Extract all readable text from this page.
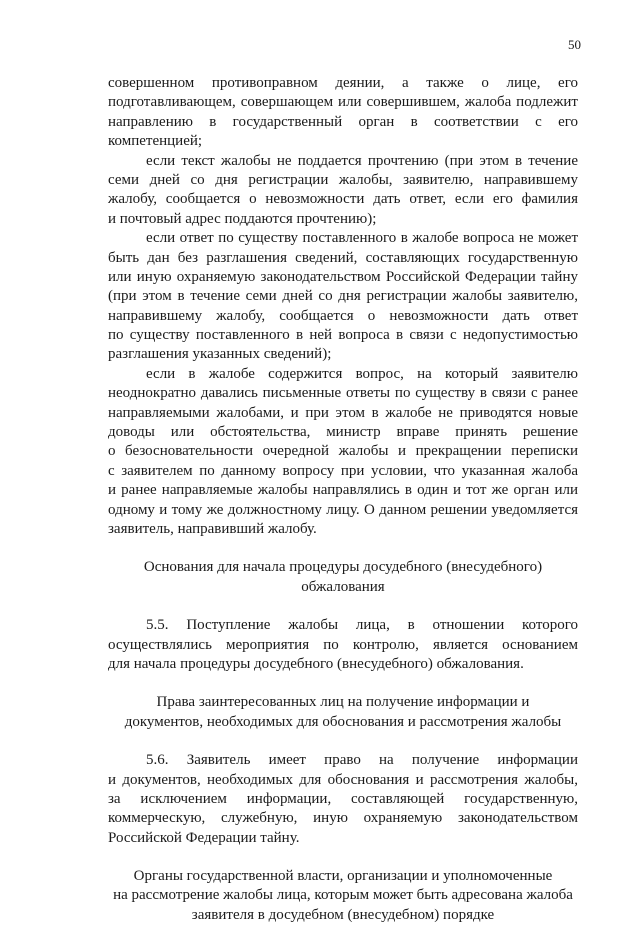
50
совершенном противоправном деянии, а также о лице, его
подготавливающем, совершающем или совершившем, жалоба подлежит
направлению в государственный орган в соответствии с его
компетенцией;
если текст жалобы не поддается прочтению (при этом в течение
семи дней со дня регистрации жалобы, заявителю, направившему
жалобу, сообщается о невозможности дать ответ, если его фамилия
и почтовый адрес поддаются прочтению);
если ответ по существу поставленного в жалобе вопроса не может
быть дан без разглашения сведений, составляющих государственную
или иную охраняемую законодательством Российской Федерации тайну
(при этом в течение семи дней со дня регистрации жалобы заявителю,
направившему жалобу, сообщается о невозможности дать ответ
по существу поставленного в ней вопроса в связи с недопустимостью
разглашения указанных сведений);
если в жалобе содержится вопрос, на который заявителю
неоднократно давались письменные ответы по существу в связи с ранее
направляемыми жалобами, и при этом в жалобе не приводятся новые
доводы или обстоятельства, министр вправе принять решение
о безосновательности очередной жалобы и прекращении переписки
с заявителем по данному вопросу при условии, что указанная жалоба
и ранее направляемые жалобы направлялись в один и тот же орган или
одному и тому же должностному лицу. О данном решении уведомляется
заявитель, направивший жалобу.
Основания для начала процедуры досудебного (внесудебного)
обжалования
5.5. Поступление жалобы лица, в отношении которого
осуществлялись мероприятия по контролю, является основанием
для начала процедуры досудебного (внесудебного) обжалования.
Права заинтересованных лиц на получение информации и
документов, необходимых для обоснования и рассмотрения жалобы
5.6. Заявитель имеет право на получение информации
и документов, необходимых для обоснования и рассмотрения жалобы,
за исключением информации, составляющей государственную,
коммерческую, служебную, иную охраняемую законодательством
Российской Федерации тайну.
Органы государственной власти, организации и уполномоченные
на рассмотрение жалобы лица, которым может быть адресована жалоба
заявителя в досудебном (внесудебном) порядке
